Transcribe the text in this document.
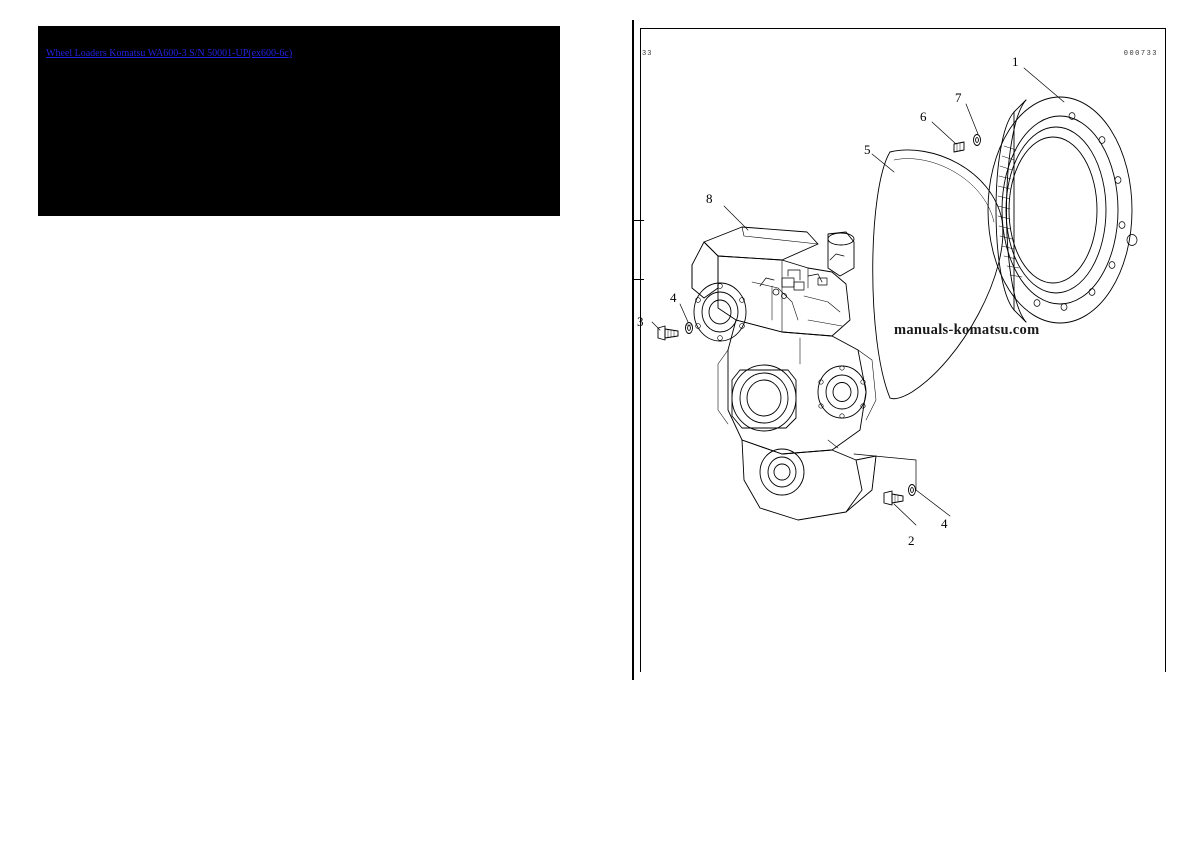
Wheel Loaders Komatsu WA600-3 S/N 50001-UP(ex600-6c)	33	000733
manuals-komatsu.com
1
2
3
4
4
5
6
7
8
